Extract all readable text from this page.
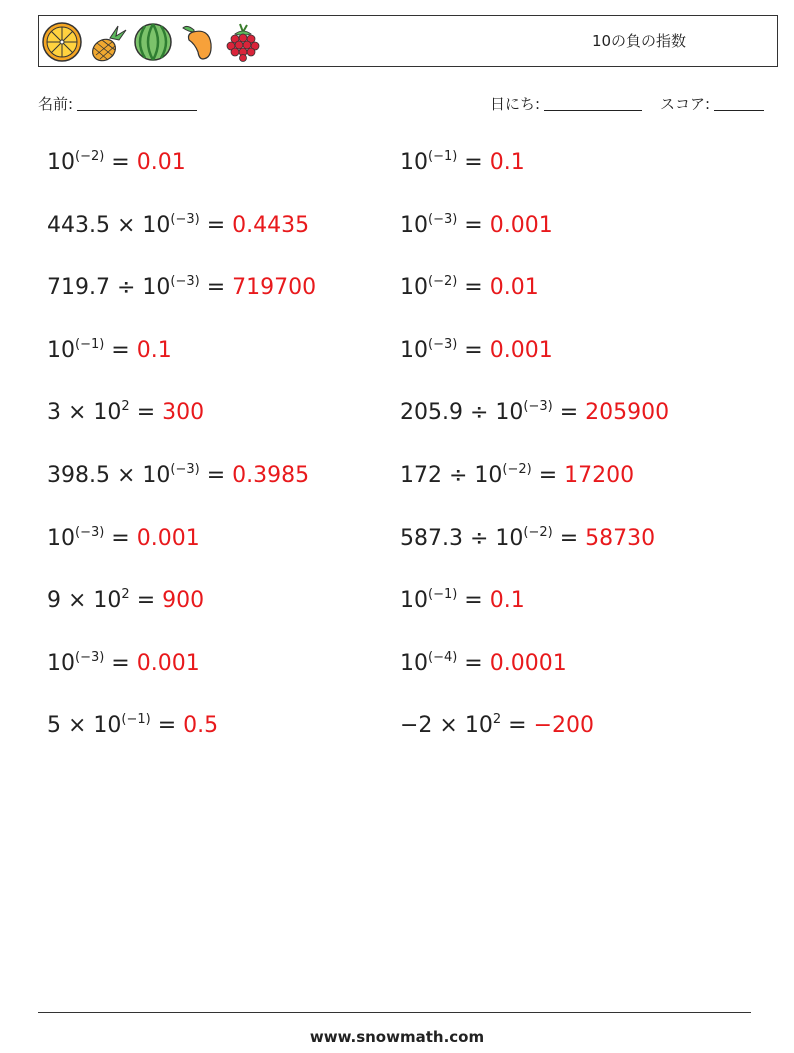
10の負の指数
名前:	日にち:	スコア:
$10^{(-2)} = 0.01$	$10^{(-1)} = 0.1$
$443.5 \times 10^{(-3)} = 0.4435$	$10^{(-3)} = 0.001$
$719.7 \div 10^{(-3)} = 719700$	$10^{(-2)} = 0.01$
$10^{(-1)} = 0.1$	$10^{(-3)} = 0.001$
$3 \times 10^2 = 300$	$205.9 \div 10^{(-3)} = 205900$
$398.5 \times 10^{(-3)} = 0.3985$	$172 \div 10^{(-2)} = 17200$
$10^{(-3)} = 0.001$	$587.3 \div 10^{(-2)} = 58730$
$9 \times 10^2 = 900$	$10^{(-1)} = 0.1$
$10^{(-3)} = 0.001$	$10^{(-4)} = 0.0001$
$5 \times 10^{(-1)} = 0.5$	$-2 \times 10^2 = -200$
www.snowmath.com
